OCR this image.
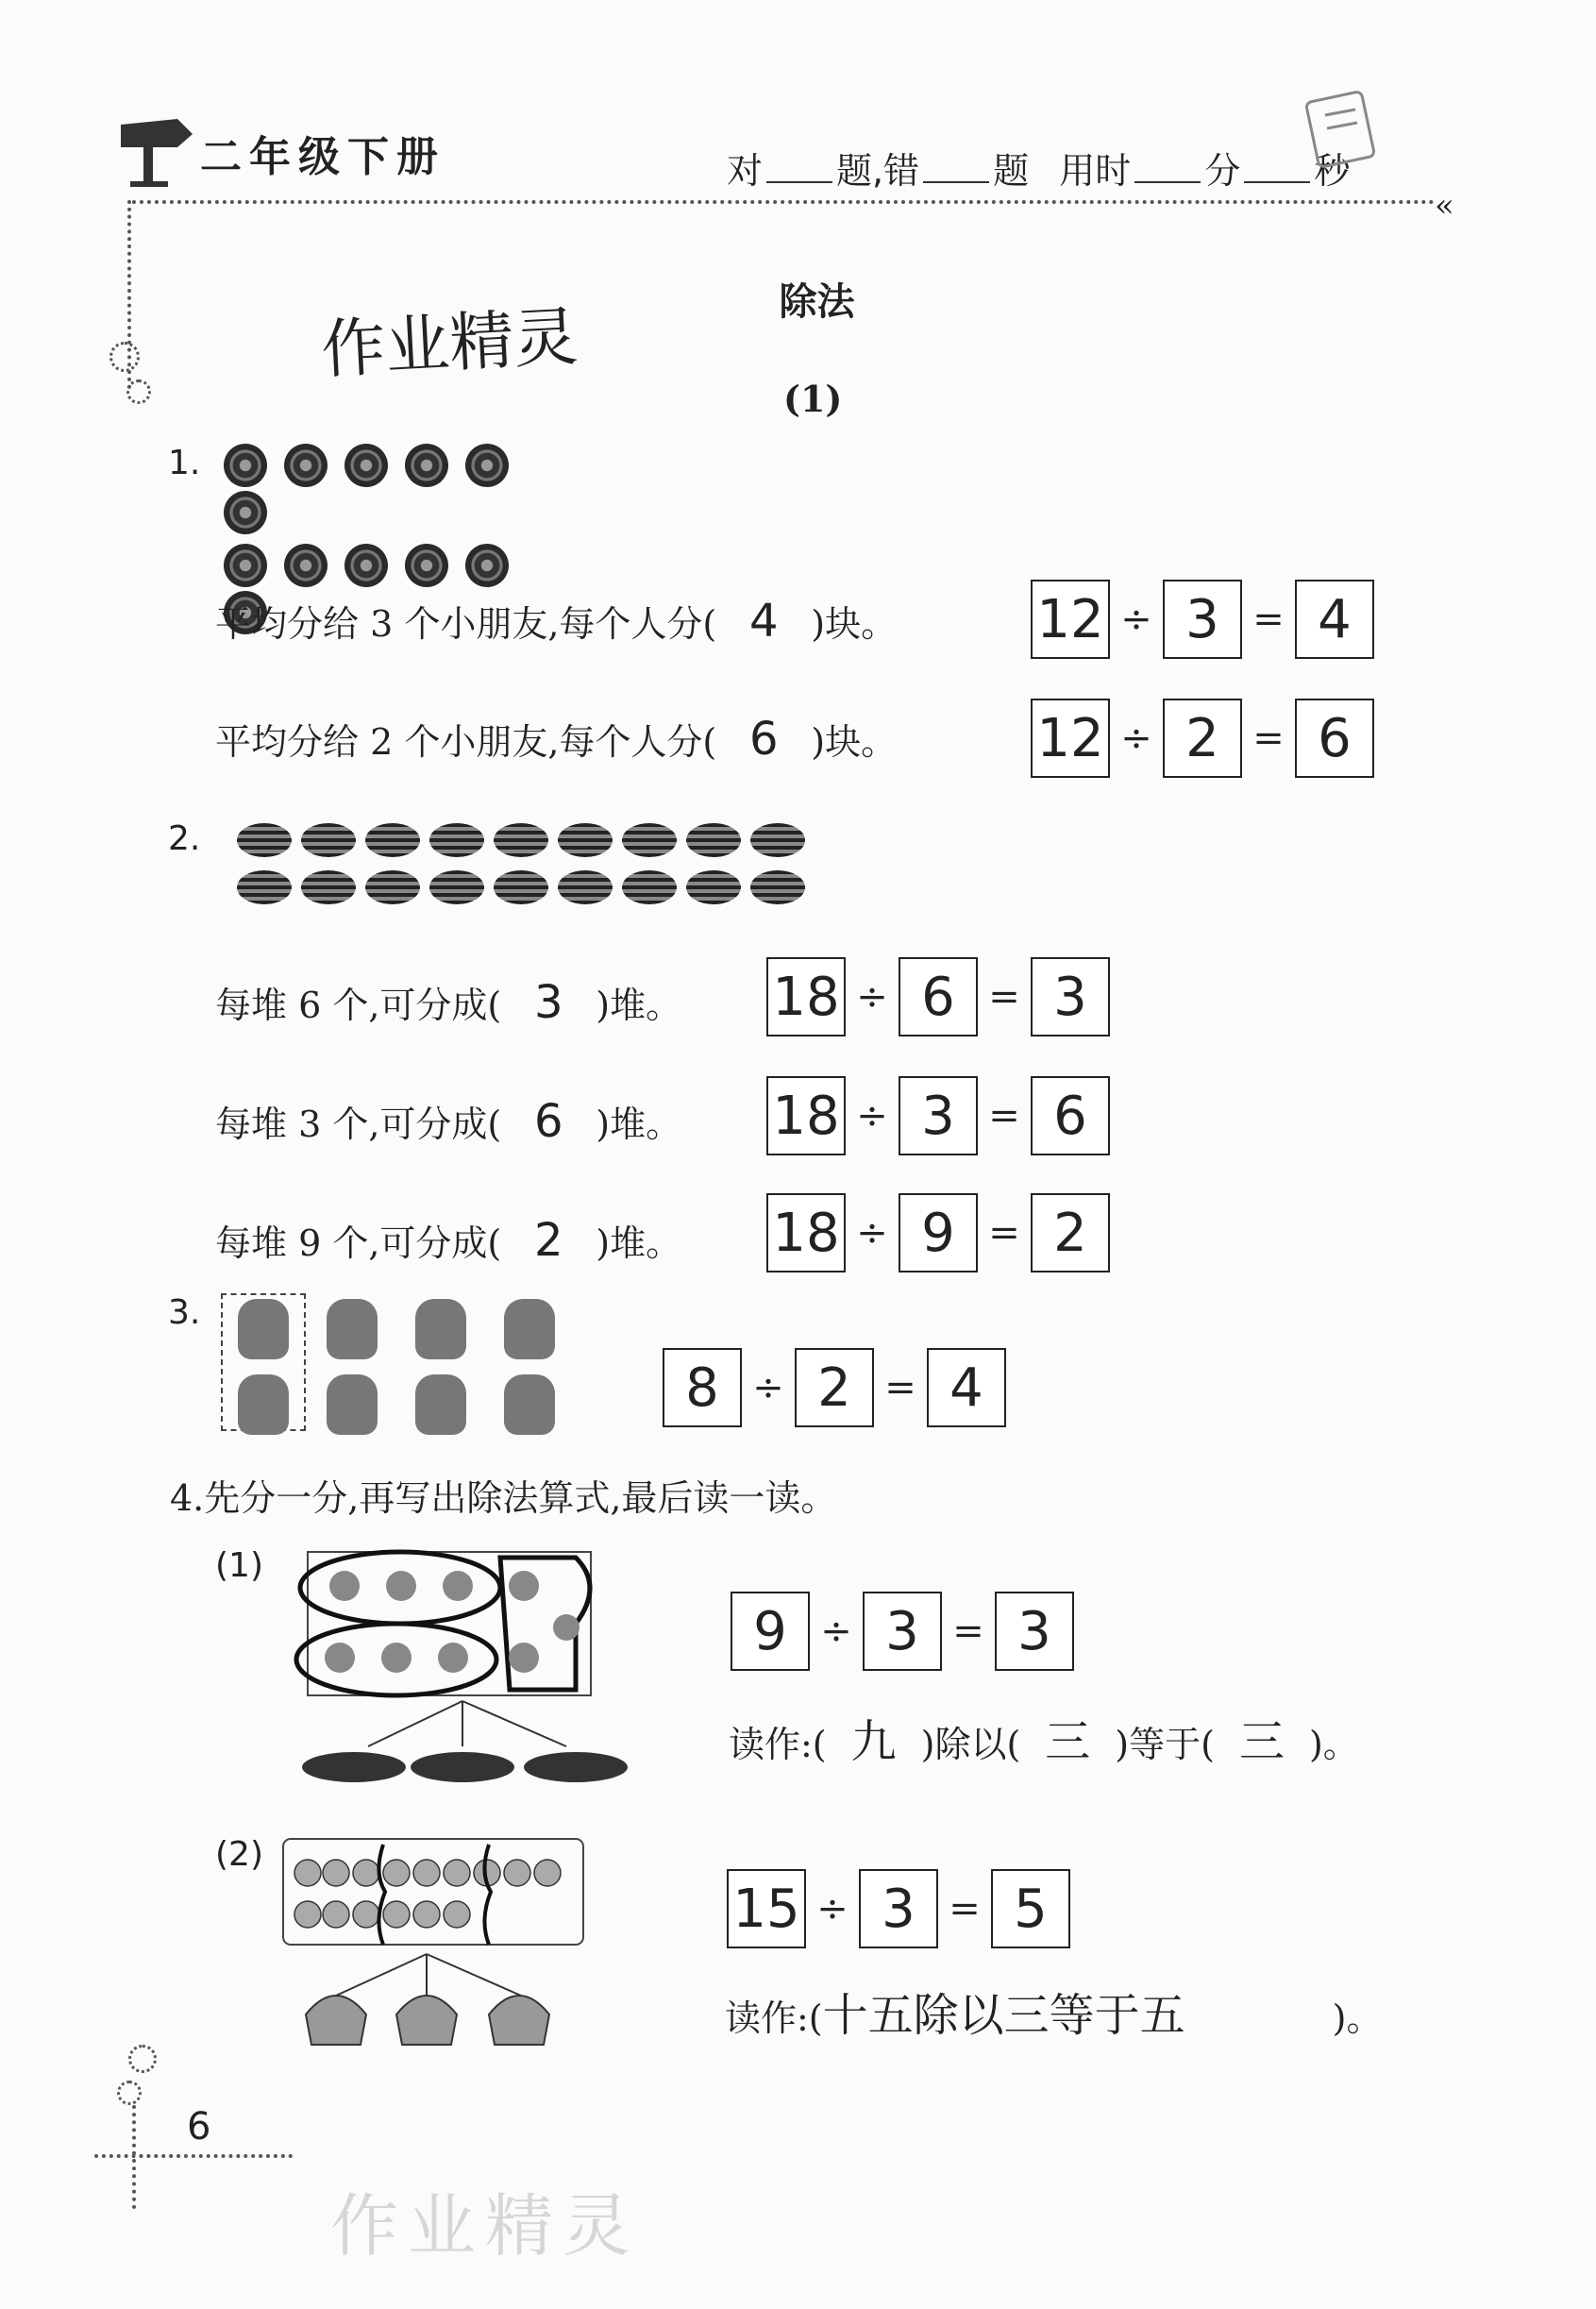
二年级下册	对 题,错 题 用时 分 秒
«
除法
作业精灵
(1)
1.
平均分给 3 个小朋友,每个人分( 4 )块。	12 ÷ 3 = 4
平均分给 2 个小朋友,每个人分( 6 )块。	12 ÷ 2 = 6
2.
每堆 6 个,可分成( 3 )堆。 18 ÷ 6 = 3
每堆 3 个,可分成( 6 )堆。 18 ÷ 3 = 6
每堆 9 个,可分成( 2 )堆。 18 ÷ 9 = 2
3.
8 ÷ 2 = 4
4.先分一分,再写出除法算式,最后读一读。
(1)
9 ÷ 3 = 3
读作:( 九 )除以( 三 )等于( 三 )。
(2)
15 ÷ 3 = 5
读作:(十五除以三等于五	)。
6
作业精灵
